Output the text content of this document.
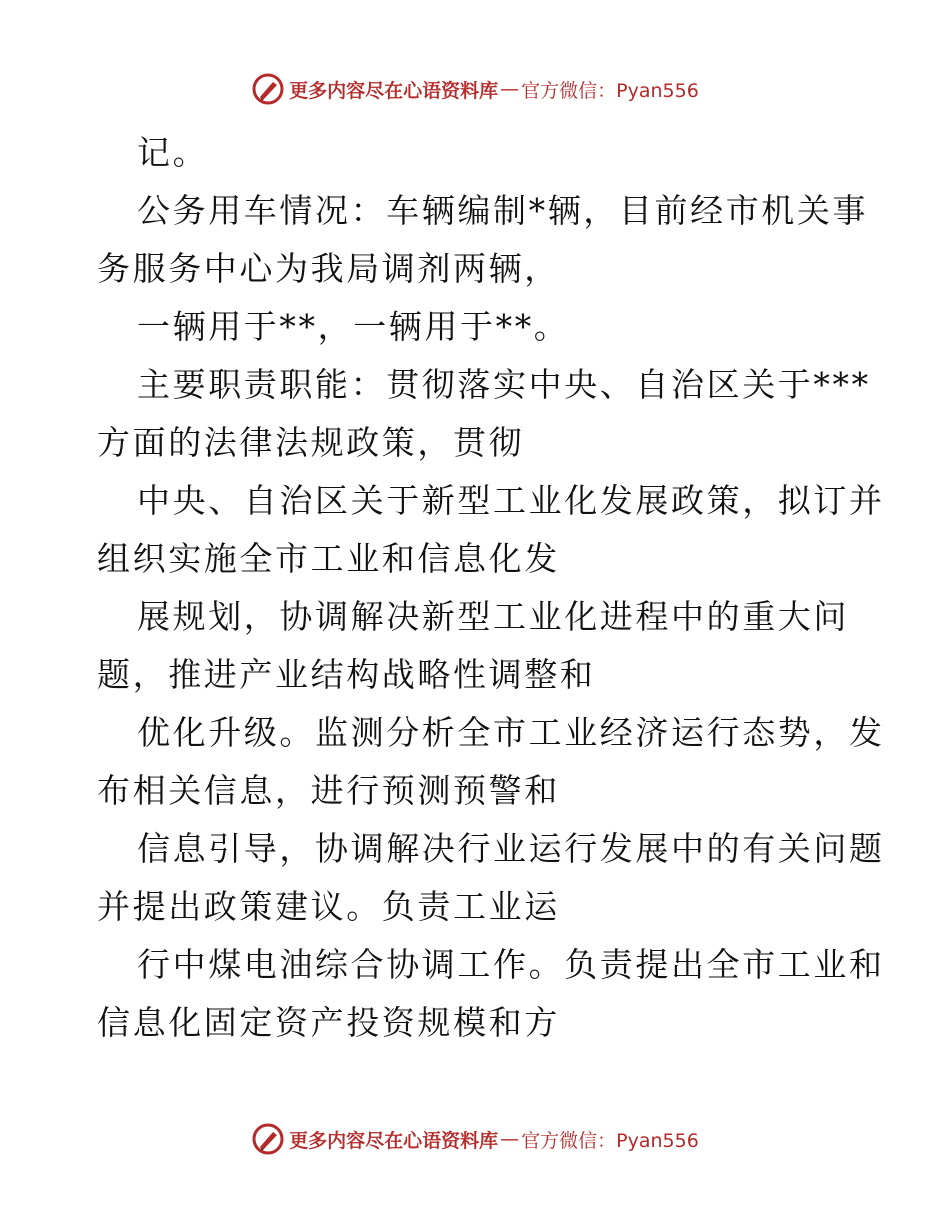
更多内容尽在心语资料库 — 官方微信：Pyan556
记。
公务用车情况：车辆编制*辆，目前经市机关事
务服务中心为我局调剂两辆，
一辆用于**，一辆用于**。
主要职责职能：贯彻落实中央、自治区关于***
方面的法律法规政策，贯彻
中央、自治区关于新型工业化发展政策，拟订并
组织实施全市工业和信息化发
展规划，协调解决新型工业化进程中的重大问
题，推进产业结构战略性调整和
优化升级。监测分析全市工业经济运行态势，发
布相关信息，进行预测预警和
信息引导，协调解决行业运行发展中的有关问题
并提出政策建议。负责工业运
行中煤电油综合协调工作。负责提出全市工业和
信息化固定资产投资规模和方
更多内容尽在心语资料库 — 官方微信：Pyan556
